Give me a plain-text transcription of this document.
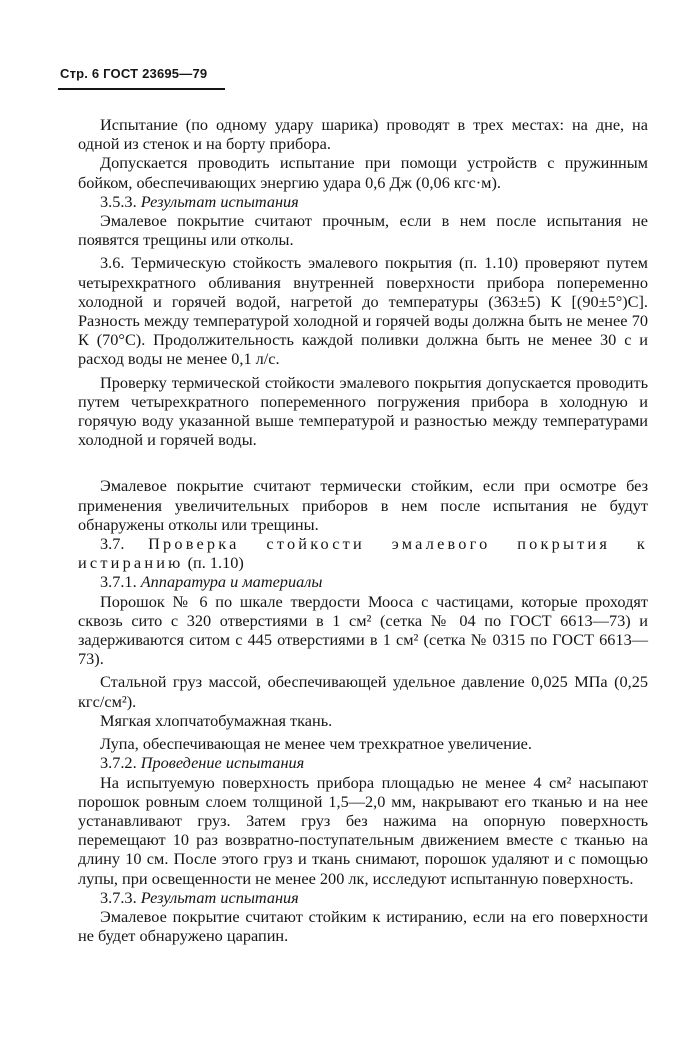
Стр. 6 ГОСТ 23695—79

Испытание (по одному удару шарика) проводят в трех местах: на дне, на одной из стенок и на борту прибора.

Допускается проводить испытание при помощи устройств с пружинным бойком, обеспечивающих энергию удара 0,6 Дж (0,06 кгс·м).

3.5.3. Результат испытания

Эмалевое покрытие считают прочным, если в нем после испытания не появятся трещины или отколы.

3.6. Термическую стойкость эмалевого покрытия (п. 1.10) проверяют путем четырехкратного обливания внутренней поверхности прибора попеременно холодной и горячей водой, нагретой до температуры (363±5) К [(90±5°)С]. Разность между температурой холодной и горячей воды должна быть не менее 70 К (70°С). Продолжительность каждой поливки должна быть не менее 30 с и расход воды не менее 0,1 л/с.

Проверку термической стойкости эмалевого покрытия допускается проводить путем четырехкратного попеременного погружения прибора в холодную и горячую воду указанной выше температурой и разностью между температурами холодной и горячей воды.

Эмалевое покрытие считают термически стойким, если при осмотре без применения увеличительных приборов в нем после испытания не будут обнаружены отколы или трещины.

3.7. Проверка стойкости эмалевого покрытия к истиранию (п. 1.10)

3.7.1. Аппаратура и материалы

Порошок № 6 по шкале твердости Мооса с частицами, которые проходят сквозь сито с 320 отверстиями в 1 см² (сетка № 04 по ГОСТ 6613—73) и задерживаются ситом с 445 отверстиями в 1 см² (сетка № 0315 по ГОСТ 6613—73).

Стальной груз массой, обеспечивающей удельное давление 0,025 МПа (0,25 кгс/см²).

Мягкая хлопчатобумажная ткань.

Лупа, обеспечивающая не менее чем трехкратное увеличение.

3.7.2. Проведение испытания

На испытуемую поверхность прибора площадью не менее 4 см² насыпают порошок ровным слоем толщиной 1,5—2,0 мм, накрывают его тканью и на нее устанавливают груз. Затем груз без нажима на опорную поверхность перемещают 10 раз возвратно-поступательным движением вместе с тканью на длину 10 см. После этого груз и ткань снимают, порошок удаляют и с помощью лупы, при освещенности не менее 200 лк, исследуют испытанную поверхность.

3.7.3. Результат испытания

Эмалевое покрытие считают стойким к истиранию, если на его поверхности не будет обнаружено царапин.
